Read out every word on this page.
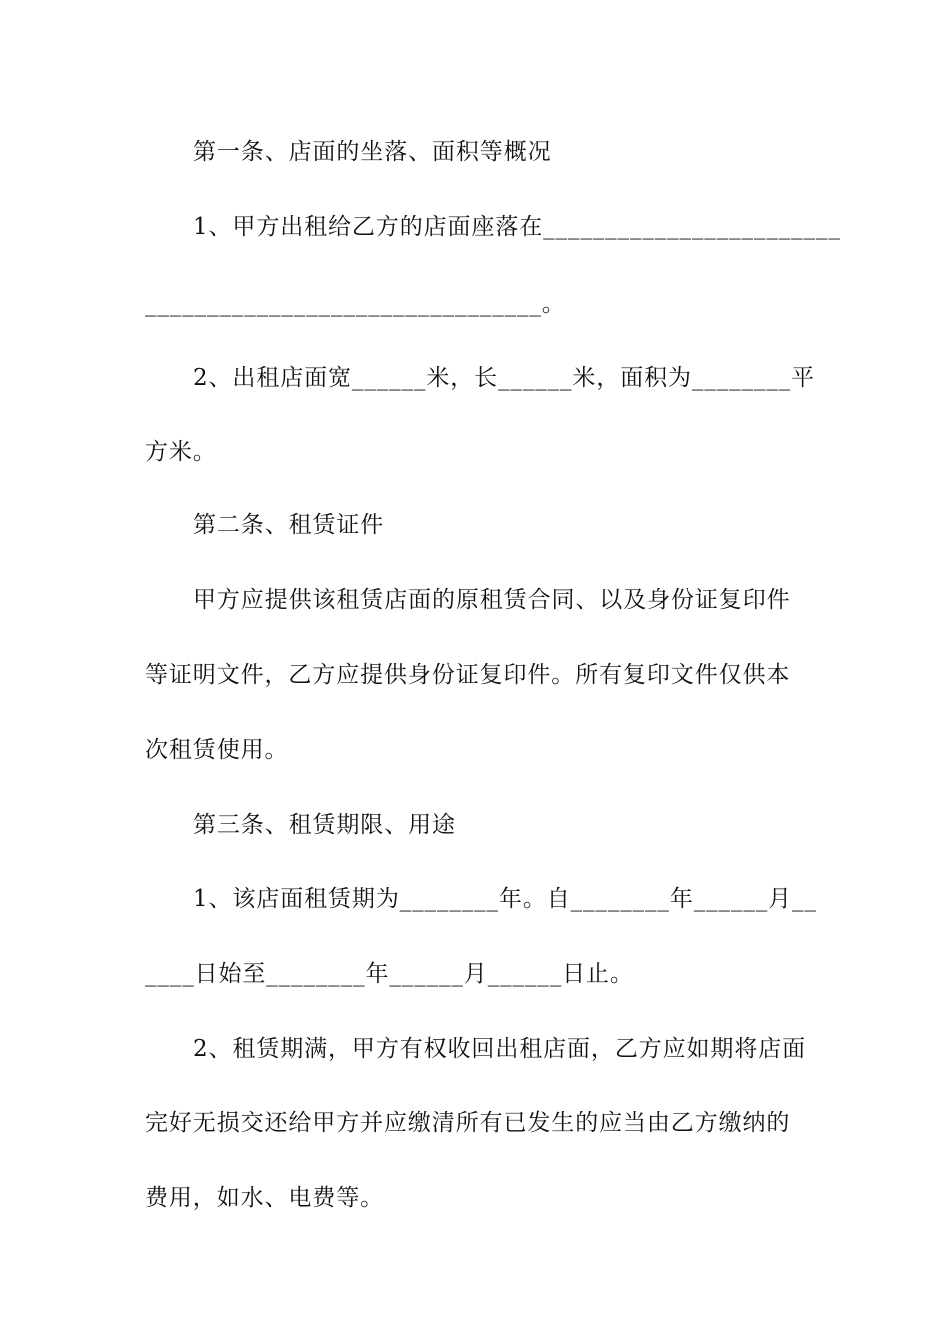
第一条、店面的坐落、面积等概况
1、甲方出租给乙方的店面座落在________________________
________________________________。
2、出租店面宽______米，长______米，面积为________平
方米。
第二条、租赁证件
甲方应提供该租赁店面的原租赁合同、以及身份证复印件
等证明文件，乙方应提供身份证复印件。所有复印文件仅供本
次租赁使用。
第三条、租赁期限、用途
1、该店面租赁期为________年。自________年______月__
____日始至________年______月______日止。
2、租赁期满，甲方有权收回出租店面，乙方应如期将店面
完好无损交还给甲方并应缴清所有已发生的应当由乙方缴纳的
费用，如水、电费等。
